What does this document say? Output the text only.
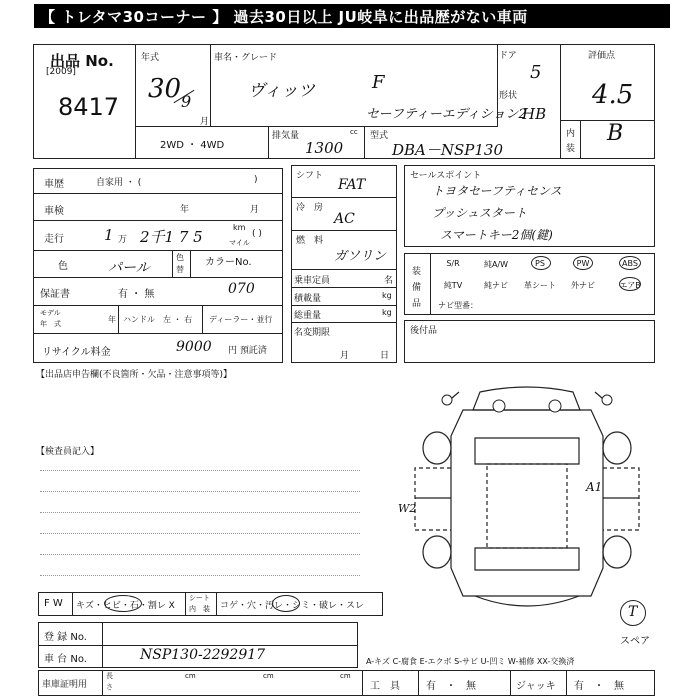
【 トレタマ30コーナー 】 過去30日以上 JU岐阜に出品歴がない車両
出品 No.
[2009]
8417
年式
30 9
月
車名・グレード
ヴィッツ	F
セーフティーエディション2
HB
ドア
5
形状
評価点
4.5
内
装
B
2WD ・ 4WD
排気量	cc
1300
型式
DBA－NSP130
車歴	自家用 ・ (	)
車検	年	月
走行	1 万 2千1 7 5
km
マイル
( )
色	パール
色
替
カラーNo.
070
保証書	有 ・ 無
モデル
年　式	年 ハンドル　左 ・ 右 ディーラー・並行
リサイクル料金	9000 円 預託済
シフト
FAT
冷　房
AC
燃　料
ガソリン
乗車定員	名
積載量	kg
総重量	kg
名変期限
月	日
セールスポイント
トヨタセーフティセンス
プッシュスタート
スマートキー2個(鍵)
装
備
品
S/R	純A/W	PS	PW	ABS
純TV	純ナビ	革シート	外ナビ	エアB
ナビ型番：
後付品
【出品店申告欄(不良箇所・欠品・注意事項等)】
【検査員記入】
A1
W2
T
スペア
F W キズ・ヒビ・石・割レ X
シート
内　装 コゲ・穴・汚レ・シミ・破レ・スレ
登 録 No.
車 台 No.	NSP130-2292917	A-キズ C-腐食 E-エクボ S-サビ U-凹ミ W-補修 XX-交換済
車庫証明用
長
さ
cm	cm	cm
工　具	有　・　無	ジャッキ 有　・　無
